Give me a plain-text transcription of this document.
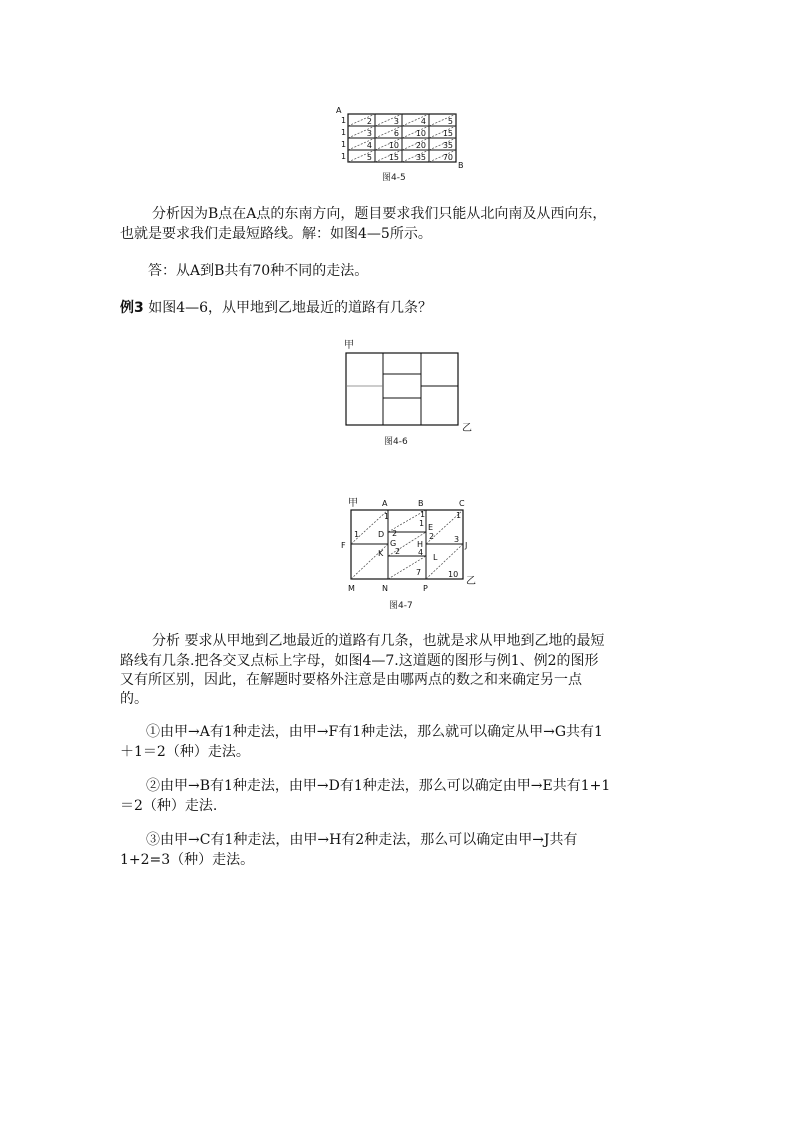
A
1
1
1
1
2	3	4	5
3	6 10 15
4 10 20 35
5 15 35 70
B
图4-5

分析因为B点在A点的东南方向，题目要求我们只能从北向南及从西向东，

也就是要求我们走最短路线。解：如图4—5所示。

答：从A到B共有70种不同的走法。

例3 如图4—6，从甲地到乙地最近的道路有几条？
甲
乙
图4-6
甲	A	B	C
F
D
G
K
E
H
L
J
M	N	P
1	1	1
1	2
1
2
2 4
3
7	10
乙
图4-7

分析 要求从甲地到乙地最近的道路有几条，也就是求从甲地到乙地的最短

路线有几条.把各交叉点标上字母，如图4—7.这道题的图形与例1、例2的图形

又有所区别，因此，在解题时要格外注意是由哪两点的数之和来确定另一点

的。

①由甲→A有1种走法，由甲→F有1种走法，那么就可以确定从甲→G共有1

＋1＝2（种）走法。

②由甲→B有1种走法，由甲→D有1种走法，那么可以确定由甲→E共有1+1

＝2（种）走法.

③由甲→C有1种走法，由甲→H有2种走法，那么可以确定由甲→J共有

1+2=3（种）走法。
